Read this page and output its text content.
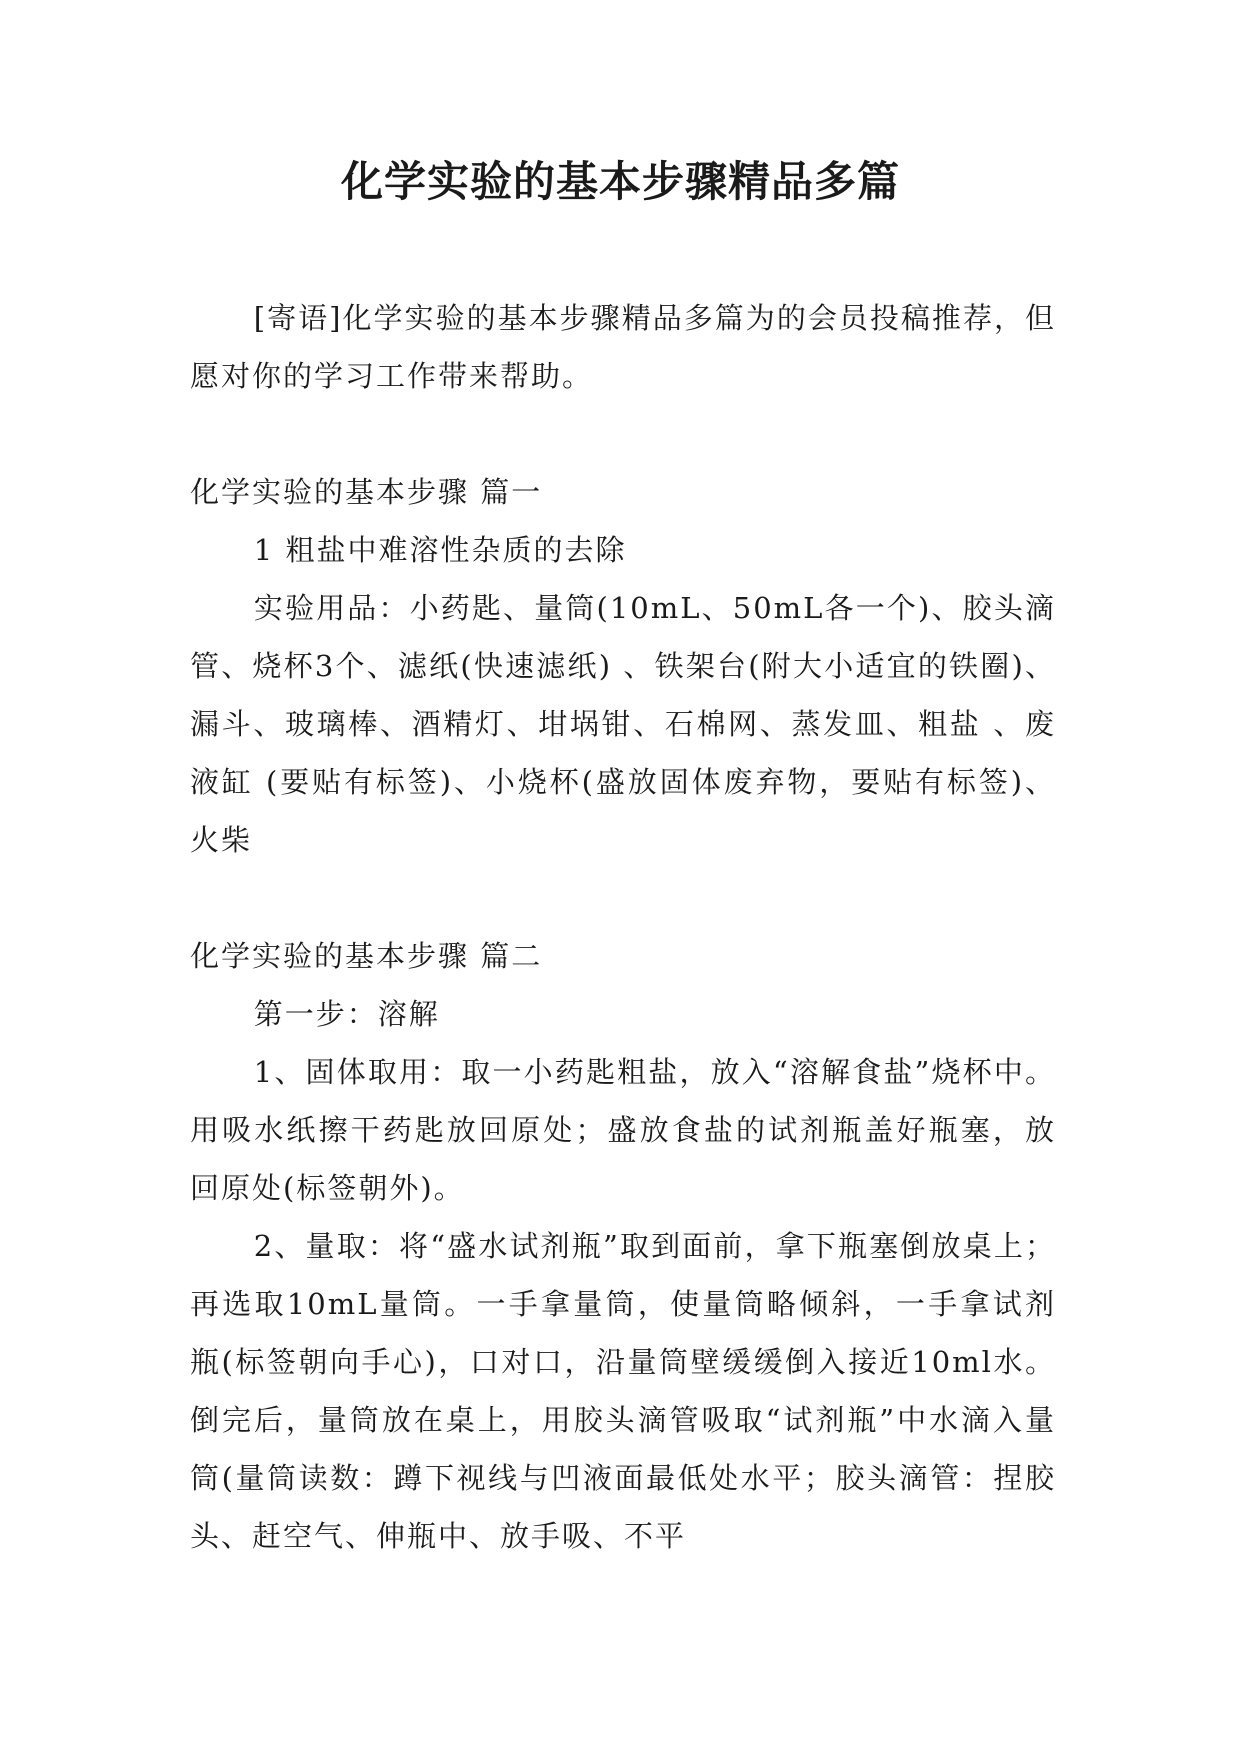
化学实验的基本步骤精品多篇

[寄语]化学实验的基本步骤精品多篇为的会员投稿推荐，但愿对你的学习工作带来帮助。

化学实验的基本步骤 篇一

1 粗盐中难溶性杂质的去除

实验用品：小药匙、量筒(10mL、50mL各一个)、胶头滴管、烧杯3个、滤纸(快速滤纸) 、铁架台(附大小适宜的铁圈)、漏斗、玻璃棒、酒精灯、坩埚钳、石棉网、蒸发皿、粗盐 、废液缸 (要贴有标签)、小烧杯(盛放固体废弃物，要贴有标签)、火柴

化学实验的基本步骤 篇二

第一步：溶解

1、固体取用：取一小药匙粗盐，放入“溶解食盐”烧杯中。用吸水纸擦干药匙放回原处；盛放食盐的试剂瓶盖好瓶塞，放回原处(标签朝外)。

2、量取：将“盛水试剂瓶”取到面前，拿下瓶塞倒放桌上；再选取10mL量筒。一手拿量筒，使量筒略倾斜，一手拿试剂瓶(标签朝向手心)，口对口，沿量筒壁缓缓倒入接近10ml水。倒完后，量筒放在桌上，用胶头滴管吸取“试剂瓶”中水滴入量筒(量筒读数：蹲下视线与凹液面最低处水平；胶头滴管：捏胶头、赶空气、伸瓶中、放手吸、不平
